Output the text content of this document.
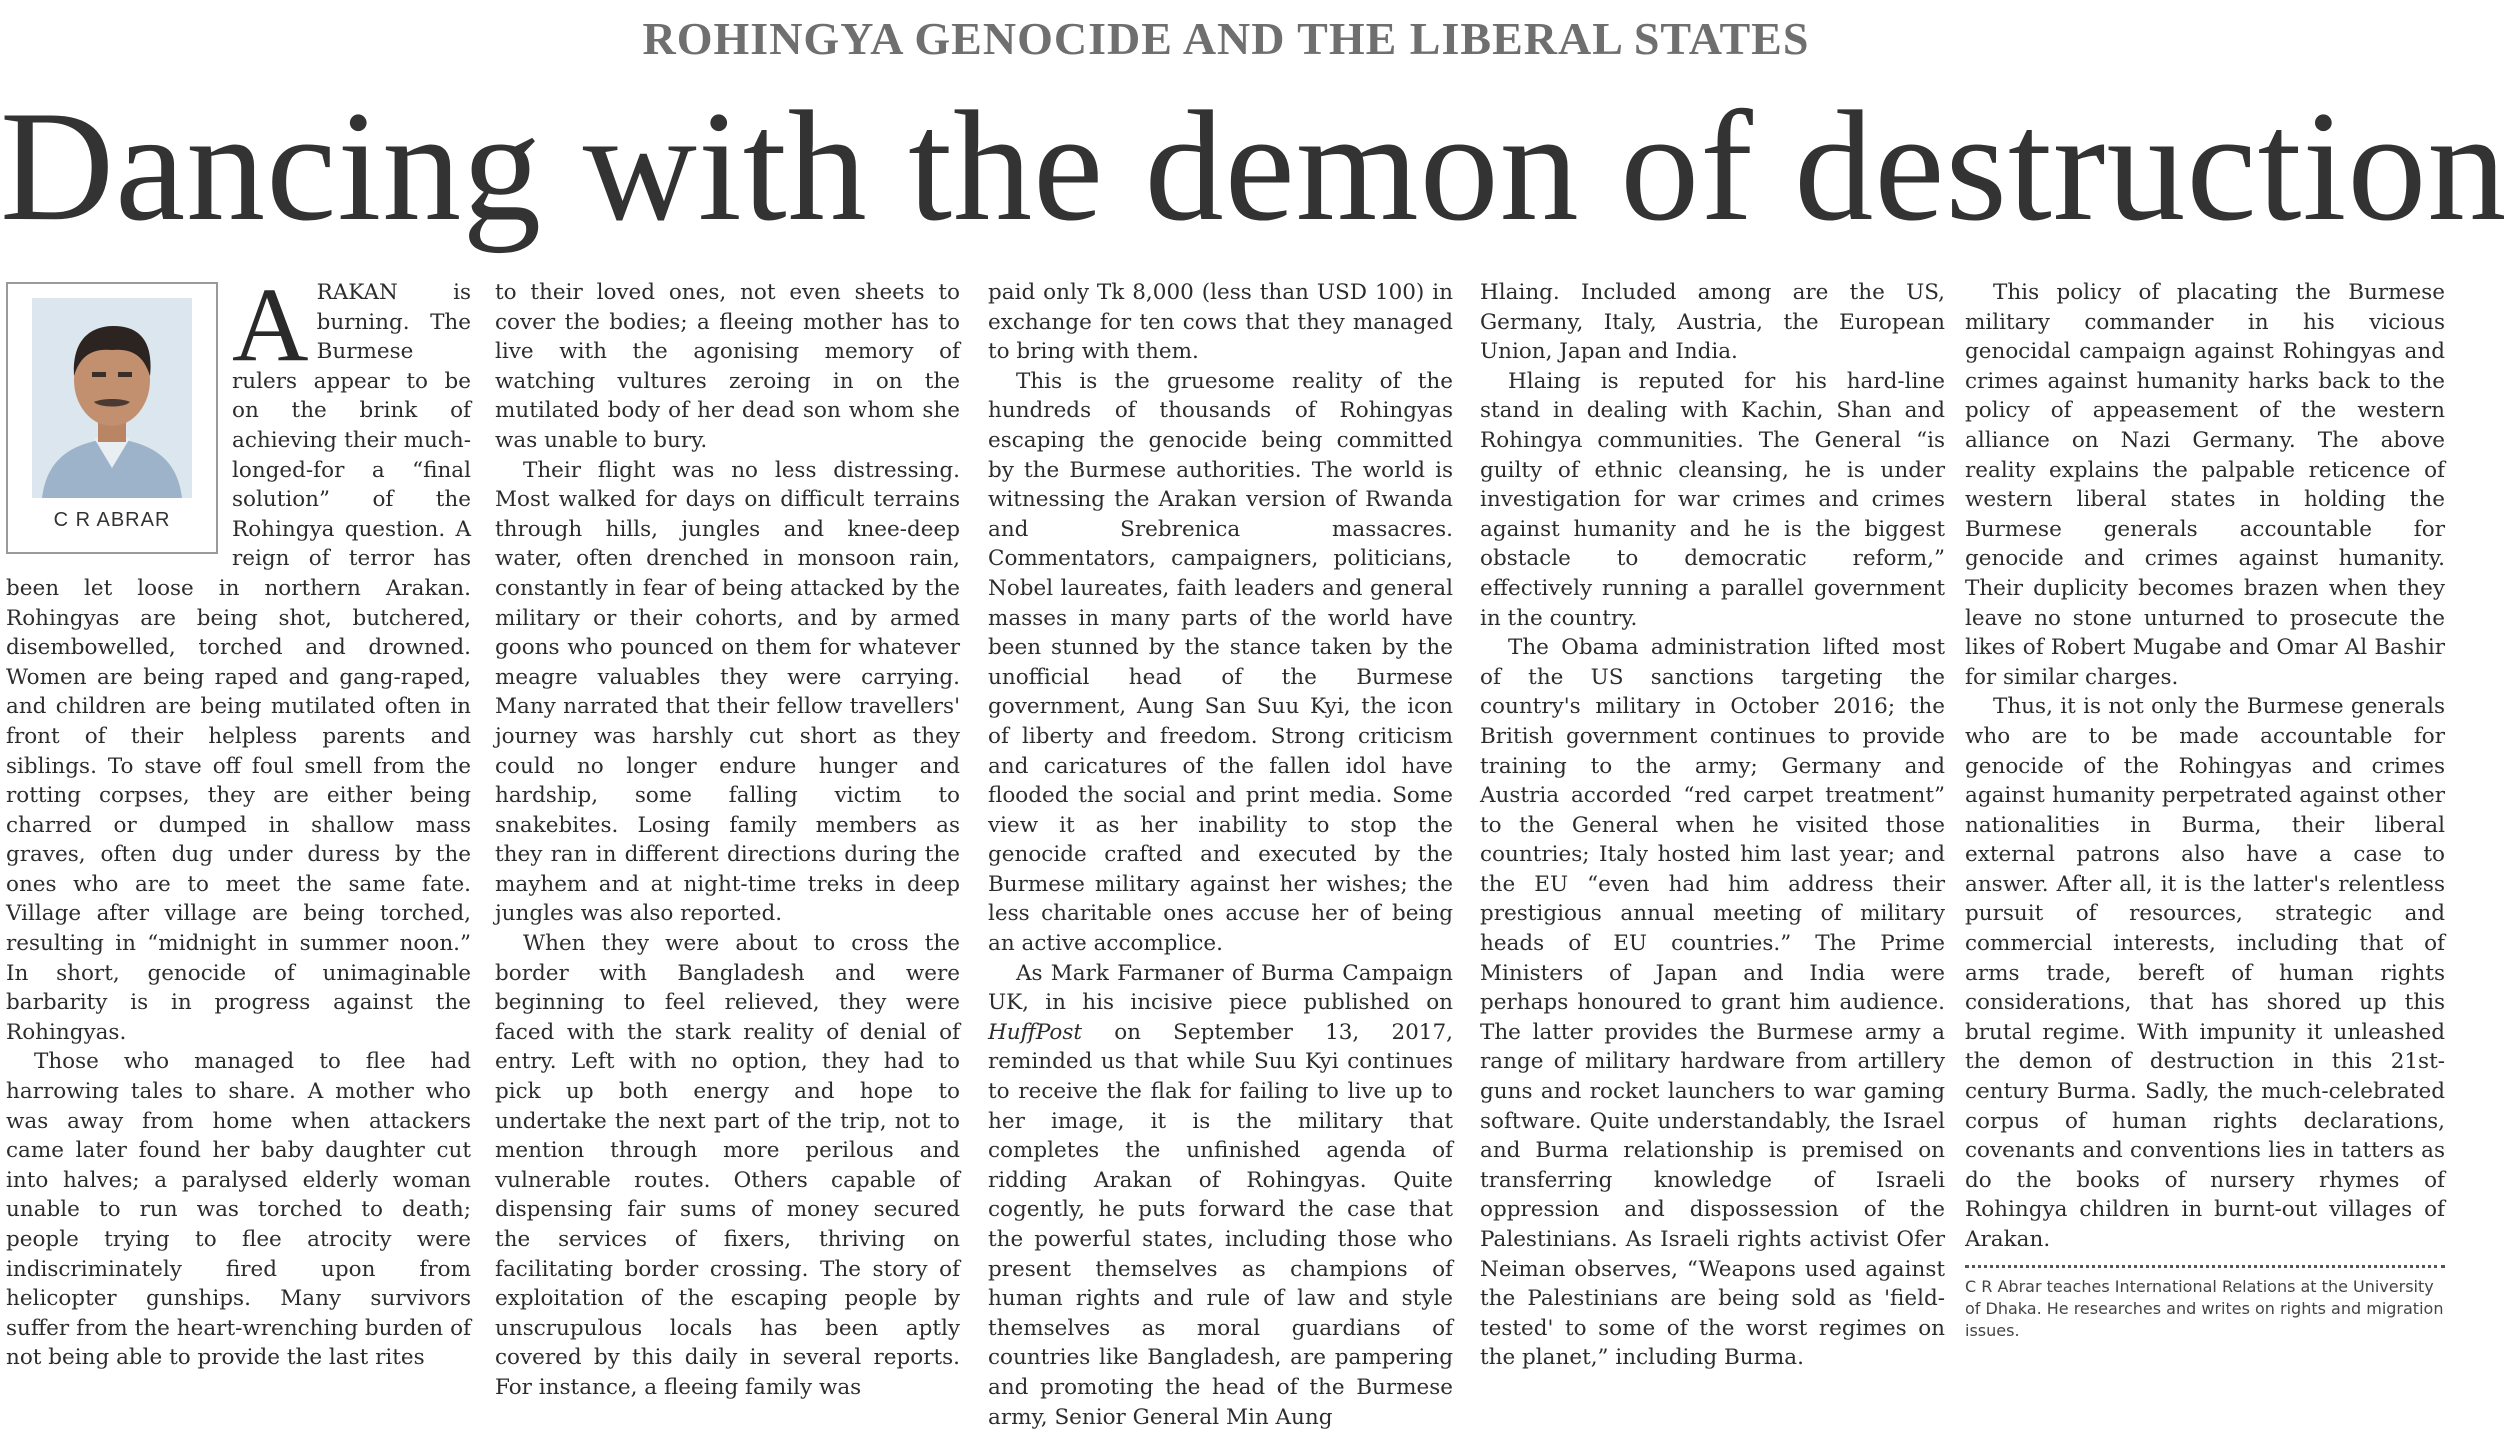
ROHINGYA GENOCIDE AND THE LIBERAL STATES
Dancing with the demon of destruction
C R ABRAR
A RAKAN is burning. The Burmese rulers appear to be on the brink of achieving their much-longed-for a “final solution” of the Rohingya question. A reign of terror has been let loose in northern Arakan. Rohingyas are being shot, butchered, disembowelled, torched and drowned. Women are being raped and gang-raped, and children are being mutilated often in front of their helpless parents and siblings. To stave off foul smell from the rotting corpses, they are either being charred or dumped in shallow mass graves, often dug under duress by the ones who are to meet the same fate. Village after village are being torched, resulting in “midnight in summer noon.” In short, genocide of unimaginable barbarity is in progress against the Rohingyas.

Those who managed to flee had harrowing tales to share. A mother who was away from home when attackers came later found her baby daughter cut into halves; a paralysed elderly woman unable to run was torched to death; people trying to flee atrocity were indiscriminately fired upon from helicopter gunships. Many survivors suffer from the heart-wrenching burden of not being able to provide the last rites

to their loved ones, not even sheets to cover the bodies; a fleeing mother has to live with the agonising memory of watching vultures zeroing in on the mutilated body of her dead son whom she was unable to bury.

Their flight was no less distressing. Most walked for days on difficult terrains through hills, jungles and knee-deep water, often drenched in monsoon rain, constantly in fear of being attacked by the military or their cohorts, and by armed goons who pounced on them for whatever meagre valuables they were carrying. Many narrated that their fellow travellers' journey was harshly cut short as they could no longer endure hunger and hardship, some falling victim to snakebites. Losing family members as they ran in different directions during the mayhem and at night-time treks in deep jungles was also reported.

When they were about to cross the border with Bangladesh and were beginning to feel relieved, they were faced with the stark reality of denial of entry. Left with no option, they had to pick up both energy and hope to undertake the next part of the trip, not to mention through more perilous and vulnerable routes. Others capable of dispensing fair sums of money secured the services of fixers, thriving on facilitating border crossing. The story of exploitation of the escaping people by unscrupulous locals has been aptly covered by this daily in several reports. For instance, a fleeing family was

paid only Tk 8,000 (less than USD 100) in exchange for ten cows that they managed to bring with them.

This is the gruesome reality of the hundreds of thousands of Rohingyas escaping the genocide being committed by the Burmese authorities. The world is witnessing the Arakan version of Rwanda and Srebrenica massacres. Commentators, campaigners, politicians, Nobel laureates, faith leaders and general masses in many parts of the world have been stunned by the stance taken by the unofficial head of the Burmese government, Aung San Suu Kyi, the icon of liberty and freedom. Strong criticism and caricatures of the fallen idol have flooded the social and print media. Some view it as her inability to stop the genocide crafted and executed by the Burmese military against her wishes; the less charitable ones accuse her of being an active accomplice.

As Mark Farmaner of Burma Campaign UK, in his incisive piece published on HuffPost on September 13, 2017, reminded us that while Suu Kyi continues to receive the flak for failing to live up to her image, it is the military that completes the unfinished agenda of ridding Arakan of Rohingyas. Quite cogently, he puts forward the case that the powerful states, including those who present themselves as champions of human rights and rule of law and style themselves as moral guardians of countries like Bangladesh, are pampering and promoting the head of the Burmese army, Senior General Min Aung

Hlaing. Included among are the US, Germany, Italy, Austria, the European Union, Japan and India.

Hlaing is reputed for his hard-line stand in dealing with Kachin, Shan and Rohingya communities. The General “is guilty of ethnic cleansing, he is under investigation for war crimes and crimes against humanity and he is the biggest obstacle to democratic reform,” effectively running a parallel government in the country.

The Obama administration lifted most of the US sanctions targeting the country's military in October 2016; the British government continues to provide training to the army; Germany and Austria accorded “red carpet treatment” to the General when he visited those countries; Italy hosted him last year; and the EU “even had him address their prestigious annual meeting of military heads of EU countries.” The Prime Ministers of Japan and India were perhaps honoured to grant him audience. The latter provides the Burmese army a range of military hardware from artillery guns and rocket launchers to war gaming software. Quite understandably, the Israel and Burma relationship is premised on transferring knowledge of Israeli oppression and dispossession of the Palestinians. As Israeli rights activist Ofer Neiman observes, “Weapons used against the Palestinians are being sold as 'field-tested' to some of the worst regimes on the planet,” including Burma.

This policy of placating the Burmese military commander in his vicious genocidal campaign against Rohingyas and crimes against humanity harks back to the policy of appeasement of the western alliance on Nazi Germany. The above reality explains the palpable reticence of western liberal states in holding the Burmese generals accountable for genocide and crimes against humanity. Their duplicity becomes brazen when they leave no stone unturned to prosecute the likes of Robert Mugabe and Omar Al Bashir for similar charges.

Thus, it is not only the Burmese generals who are to be made accountable for genocide of the Rohingyas and crimes against humanity perpetrated against other nationalities in Burma, their liberal external patrons also have a case to answer. After all, it is the latter's relentless pursuit of resources, strategic and commercial interests, including that of arms trade, bereft of human rights considerations, that has shored up this brutal regime. With impunity it unleashed the demon of destruction in this 21st-century Burma. Sadly, the much-celebrated corpus of human rights declarations, covenants and conventions lies in tatters as do the books of nursery rhymes of Rohingya children in burnt-out villages of Arakan.

C R Abrar teaches International Relations at the University of Dhaka. He researches and writes on rights and migration issues.
